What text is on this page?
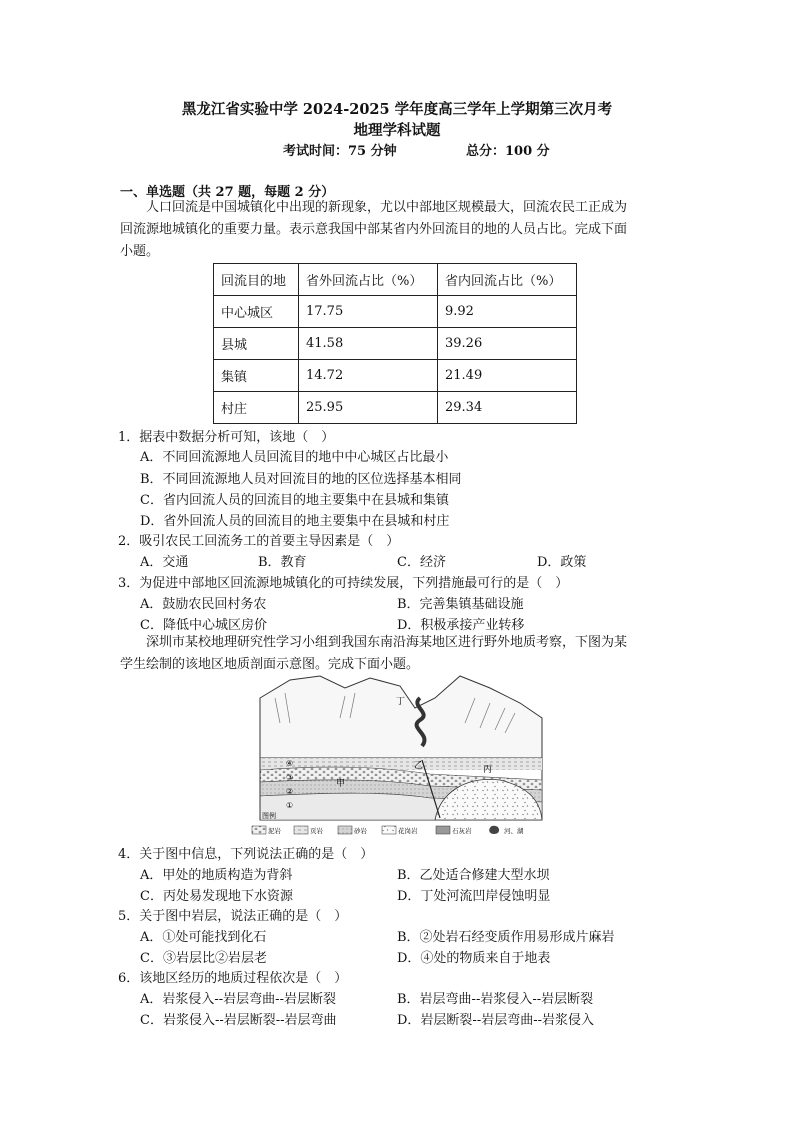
黑龙江省实验中学 2024-2025 学年度高三学年上学期第三次月考
地理学科试题
考试时间：75 分钟	总分：100 分
一、单选题（共 27 题，每题 2 分）
人口回流是中国城镇化中出现的新现象，尤以中部地区规模最大，回流农民工正成为
回流源地城镇化的重要力量。表示意我国中部某省内外回流目的地的人员占比。完成下面
小题。
回流目的地	省外回流占比（%）	省内回流占比（%）
中心城区	17.75	9.92
县城	41.58	39.26
集镇	14.72	21.49
村庄	25.95	29.34
1．据表中数据分析可知，该地（　）
A．不同回流源地人员回流目的地中中心城区占比最小
B．不同回流源地人员对回流目的地的区位选择基本相同
C．省内回流人员的回流目的地主要集中在县城和集镇
D．省外回流人员的回流目的地主要集中在县城和村庄
2．吸引农民工回流务工的首要主导因素是（　）
A．交通	B．教育	C．经济	D．政策
3．为促进中部地区回流源地城镇化的可持续发展，下列措施最可行的是（　）
A．鼓励农民回村务农	B．完善集镇基础设施
C．降低中心城区房价	D．积极承接产业转移
深圳市某校地理研究性学习小组到我国东南沿海某地区进行野外地质考察，下图为某
学生绘制的该地区地质剖面示意图。完成下面小题。
丁
乙
甲
丙
④
③
②
①
图例
泥岩	页岩	砂岩	花岗岩	石灰岩	河、湖
4．关于图中信息，下列说法正确的是（　）
A．甲处的地质构造为背斜	B．乙处适合修建大型水坝
C．丙处易发现地下水资源	D．丁处河流凹岸侵蚀明显
5．关于图中岩层，说法正确的是（　）
A．①处可能找到化石	B．②处岩石经变质作用易形成片麻岩
C．③岩层比②岩层老	D．④处的物质来自于地表
6．该地区经历的地质过程依次是（　）
A．岩浆侵入--岩层弯曲--岩层断裂	B．岩层弯曲--岩浆侵入--岩层断裂
C．岩浆侵入--岩层断裂--岩层弯曲	D．岩层断裂--岩层弯曲--岩浆侵入
